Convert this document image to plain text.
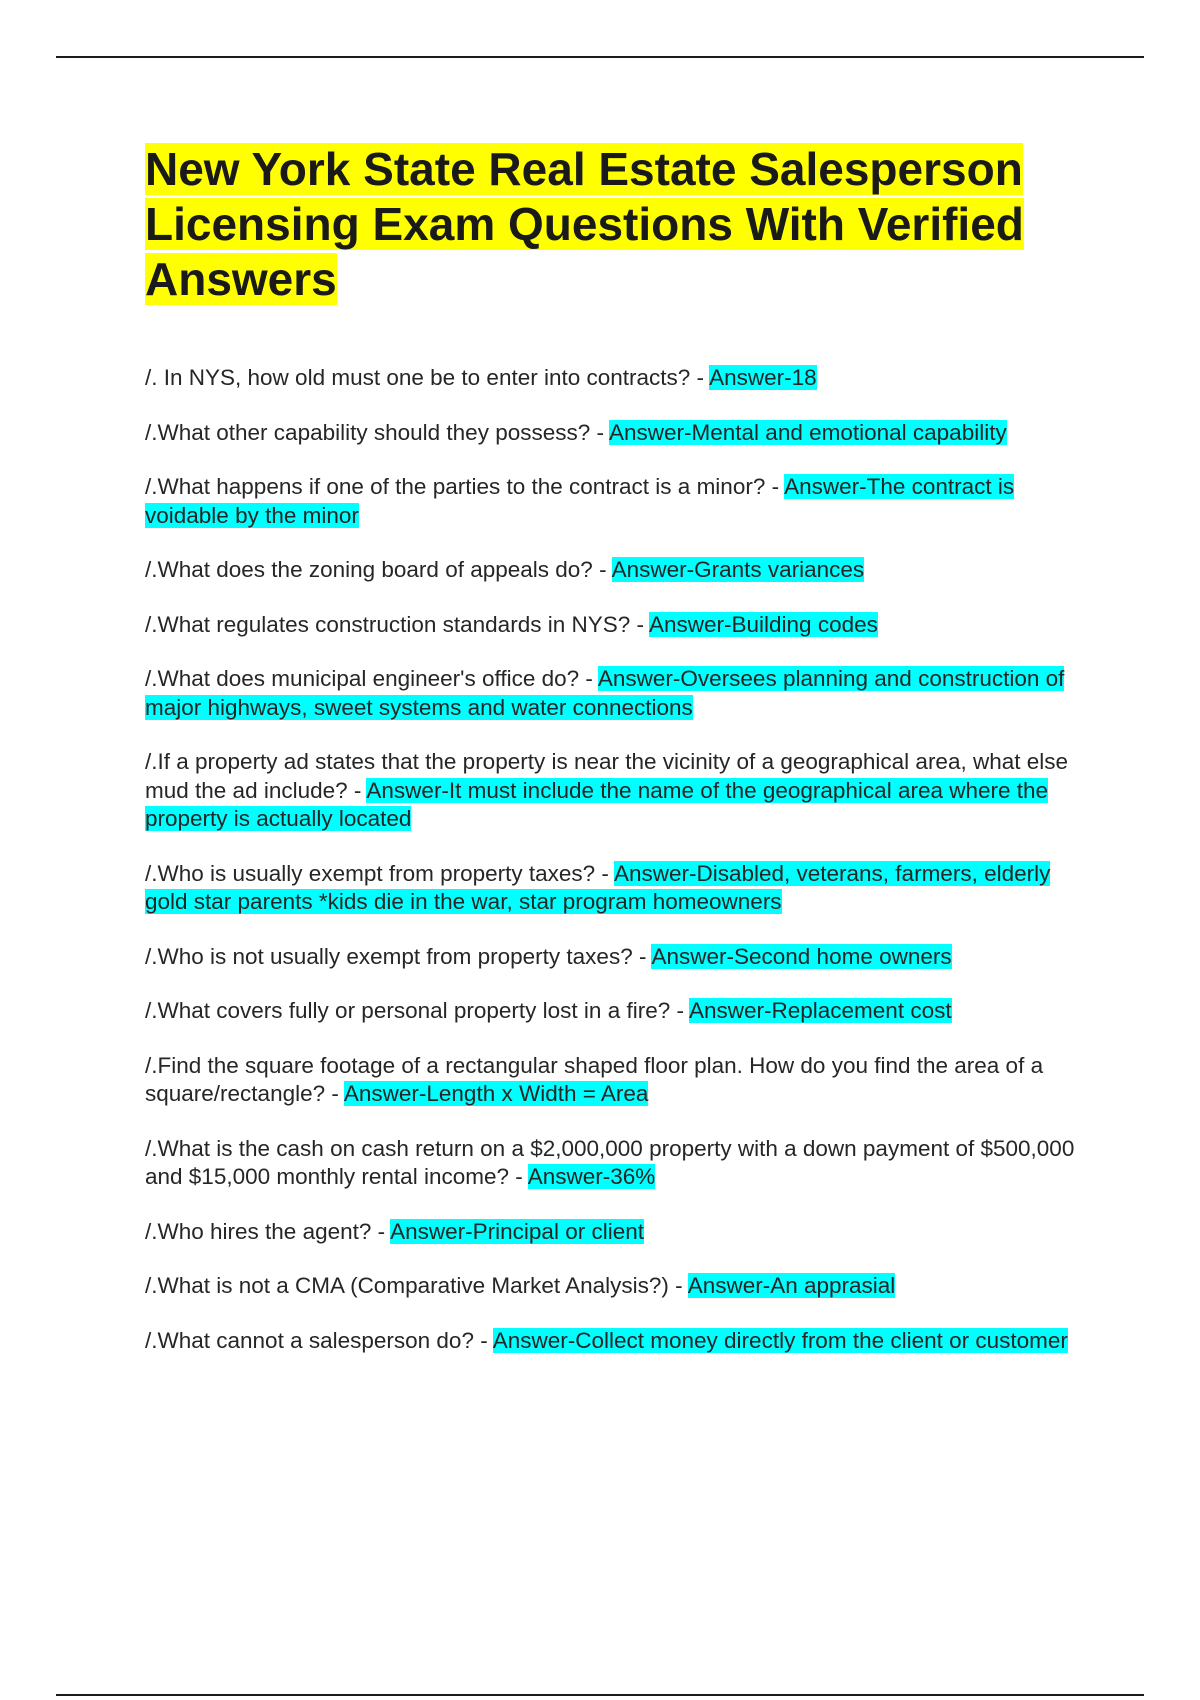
New York State Real Estate Salesperson Licensing Exam Questions With Verified Answers
/. In NYS, how old must one be to enter into contracts? - Answer-18
/.What other capability should they possess? - Answer-Mental and emotional capability
/.What happens if one of the parties to the contract is a minor? - Answer-The contract is voidable by the minor
/.What does the zoning board of appeals do? - Answer-Grants variances
/.What regulates construction standards in NYS? - Answer-Building codes
/.What does municipal engineer's office do? - Answer-Oversees planning and construction of major highways, sweet systems and water connections
/.If a property ad states that the property is near the vicinity of a geographical area, what else mud the ad include? - Answer-It must include the name of the geographical area where the property is actually located
/.Who is usually exempt from property taxes? - Answer-Disabled, veterans, farmers, elderly gold star parents *kids die in the war, star program homeowners
/.Who is not usually exempt from property taxes? - Answer-Second home owners
/.What covers fully or personal property lost in a fire? - Answer-Replacement cost
/.Find the square footage of a rectangular shaped floor plan. How do you find the area of a square/rectangle? - Answer-Length x Width = Area
/.What is the cash on cash return on a $2,000,000 property with a down payment of $500,000 and $15,000 monthly rental income? - Answer-36%
/.Who hires the agent? - Answer-Principal or client
/.What is not a CMA (Comparative Market Analysis?) - Answer-An apprasial
/.What cannot a salesperson do? - Answer-Collect money directly from the client or customer
